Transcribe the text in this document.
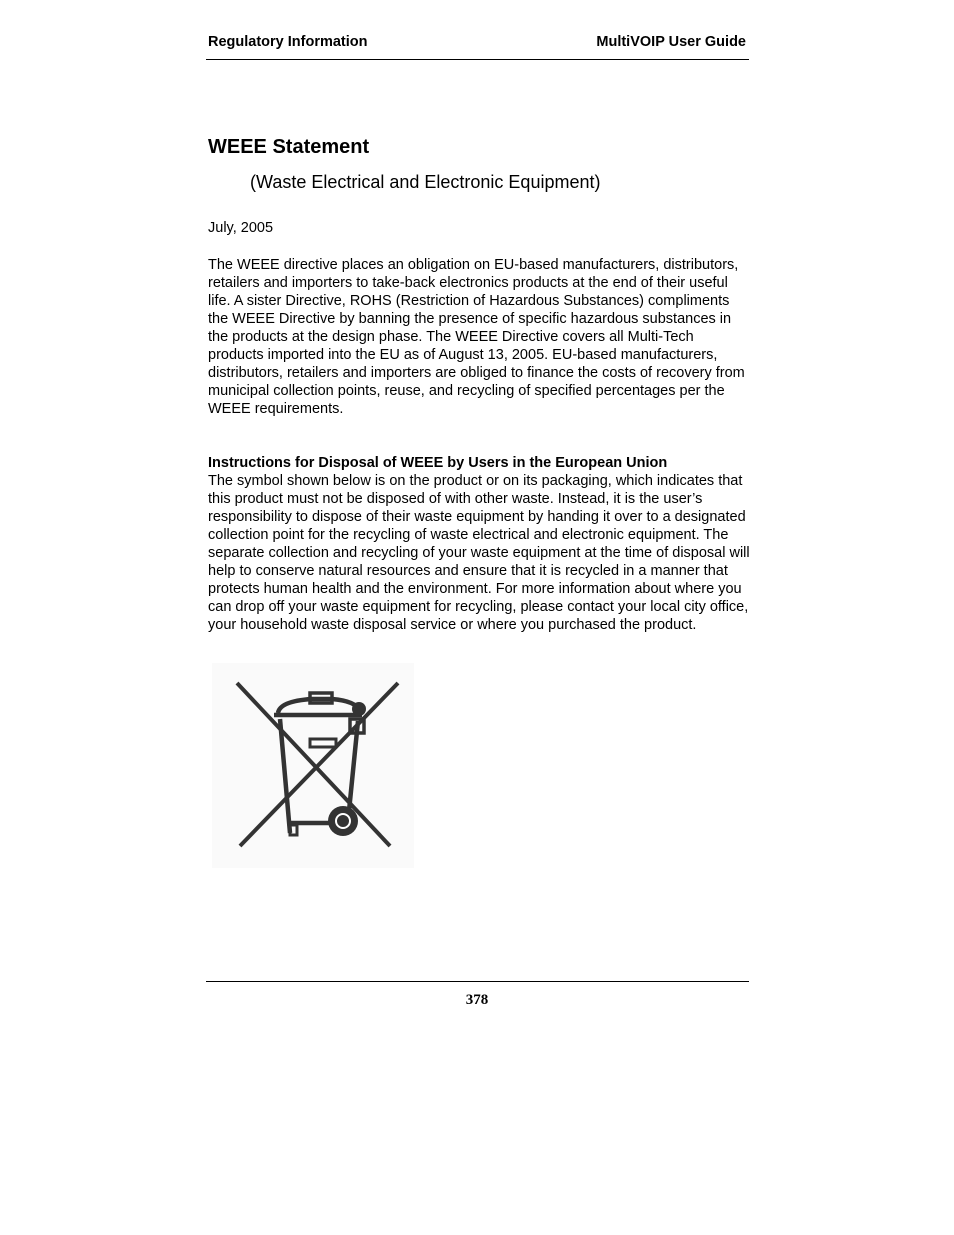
Regulatory Information	MultiVOIP User Guide
WEEE Statement

(Waste Electrical and Electronic Equipment)

July, 2005

The WEEE directive places an obligation on EU-based manufacturers, distributors, retailers and importers to take-back electronics products at the end of their useful life. A sister Directive, ROHS (Restriction of Hazardous Substances) compliments the WEEE Directive by banning the presence of specific hazardous substances in the products at the design phase. The WEEE Directive covers all Multi-Tech products imported into the EU as of August 13, 2005. EU-based manufacturers, distributors, retailers and importers are obliged to finance the costs of recovery from municipal collection points, reuse, and recycling of specified percentages per the WEEE requirements.

Instructions for Disposal of WEEE by Users in the European Union
The symbol shown below is on the product or on its packaging, which indicates that this product must not be disposed of with other waste. Instead, it is the user’s responsibility to dispose of their waste equipment by handing it over to a designated collection point for the recycling of waste electrical and electronic equipment. The separate collection and recycling of your waste equipment at the time of disposal will help to conserve natural resources and ensure that it is recycled in a manner that protects human health and the environment. For more information about where you can drop off your waste equipment for recycling, please contact your local city office, your household waste disposal service or where you purchased the product.

378
